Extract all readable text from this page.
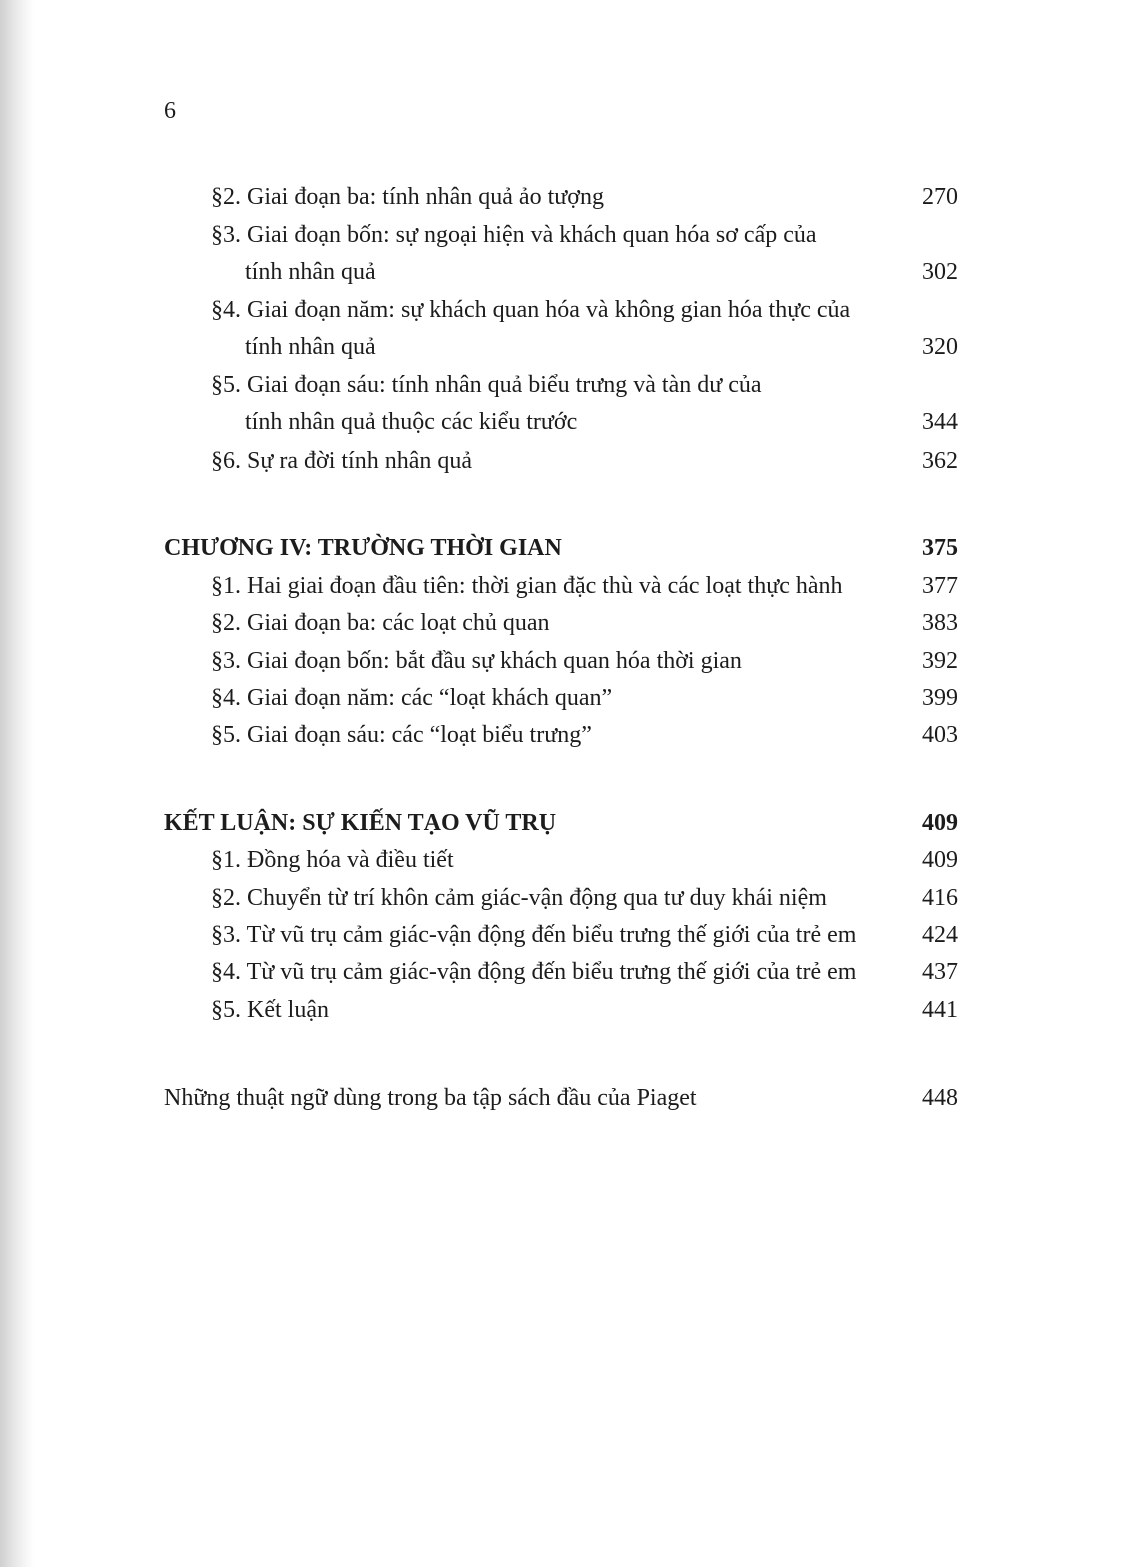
6
§2. Giai đoạn ba: tính nhân quả ảo tượng	270
§3. Giai đoạn bốn: sự ngoại hiện và khách quan hóa sơ cấp của
tính nhân quả	302
§4. Giai đoạn năm: sự khách quan hóa và không gian hóa thực của
tính nhân quả	320
§5. Giai đoạn sáu: tính nhân quả biểu trưng và tàn dư của
tính nhân quả thuộc các kiểu trước	344
§6. Sự ra đời tính nhân quả	362
CHƯƠNG IV: TRƯỜNG THỜI GIAN	375
§1. Hai giai đoạn đầu tiên: thời gian đặc thù và các loạt thực hành	377
§2. Giai đoạn ba: các loạt chủ quan	383
§3. Giai đoạn bốn: bắt đầu sự khách quan hóa thời gian	392
§4. Giai đoạn năm: các “loạt khách quan”	399
§5. Giai đoạn sáu: các “loạt biểu trưng”	403
KẾT LUẬN: SỰ KIẾN TẠO VŨ TRỤ	409
§1. Đồng hóa và điều tiết	409
§2. Chuyển từ trí khôn cảm giác-vận động qua tư duy khái niệm	416
§3. Từ vũ trụ cảm giác-vận động đến biểu trưng thế giới của trẻ em	424
§4. Từ vũ trụ cảm giác-vận động đến biểu trưng thế giới của trẻ em	437
§5. Kết luận	441
Những thuật ngữ dùng trong ba tập sách đầu của Piaget	448
